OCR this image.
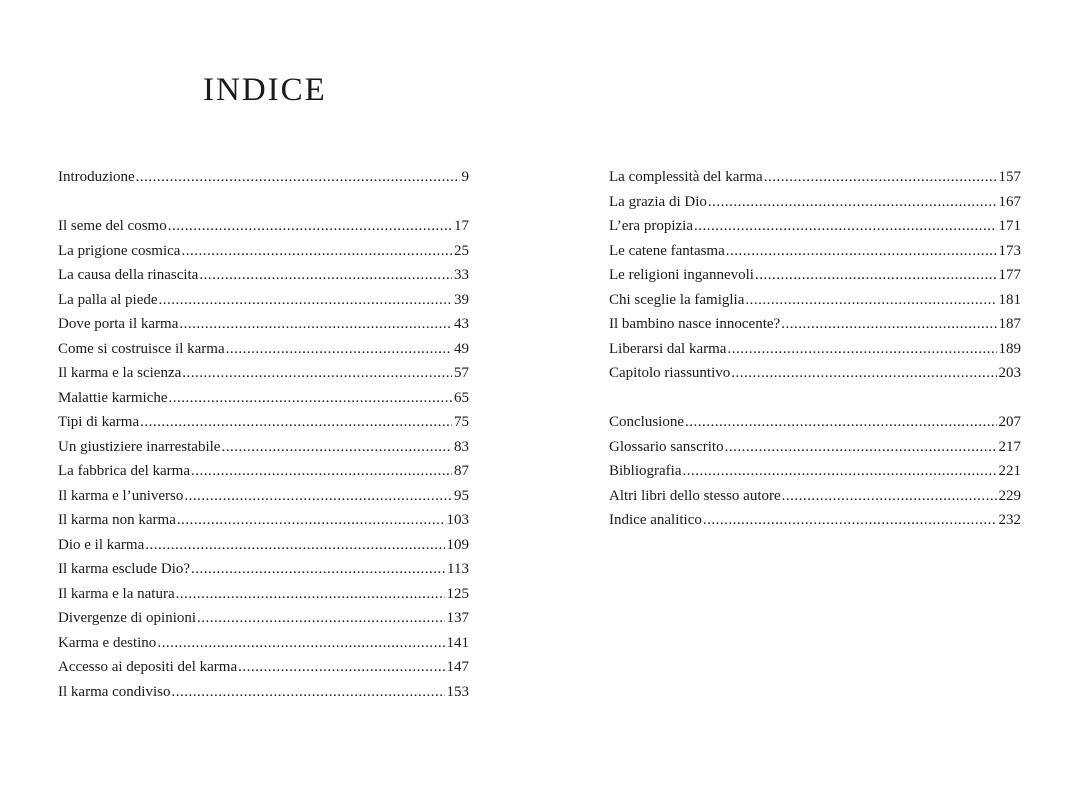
INDICE
Introduzione .....	9
Il seme del cosmo .....	17
La prigione cosmica .....	25
La causa della rinascita .....	33
La palla al piede .....	39
Dove porta il karma .....	43
Come si costruisce il karma .....	49
Il karma e la scienza .....	57
Malattie karmiche .....	65
Tipi di karma .....	75
Un giustiziere inarrestabile .....	83
La fabbrica del karma .....	87
Il karma e l’universo .....	95
Il karma non karma .....	103
Dio e il karma .....	109
Il karma esclude Dio? .....	113
Il karma e la natura .....	125
Divergenze di opinioni .....	137
Karma e destino .....	141
Accesso ai depositi del karma .....	147
Il karma condiviso .....	153
La complessità del karma .....	157
La grazia di Dio .....	167
L’era propizia .....	171
Le catene fantasma .....	173
Le religioni ingannevoli .....	177
Chi sceglie la famiglia .....	181
Il bambino nasce innocente? .....	187
Liberarsi dal karma .....	189
Capitolo riassuntivo .....	203
Conclusione .....	207
Glossario sanscrito .....	217
Bibliografia .....	221
Altri libri dello stesso autore .....	229
Indice analitico .....	232
